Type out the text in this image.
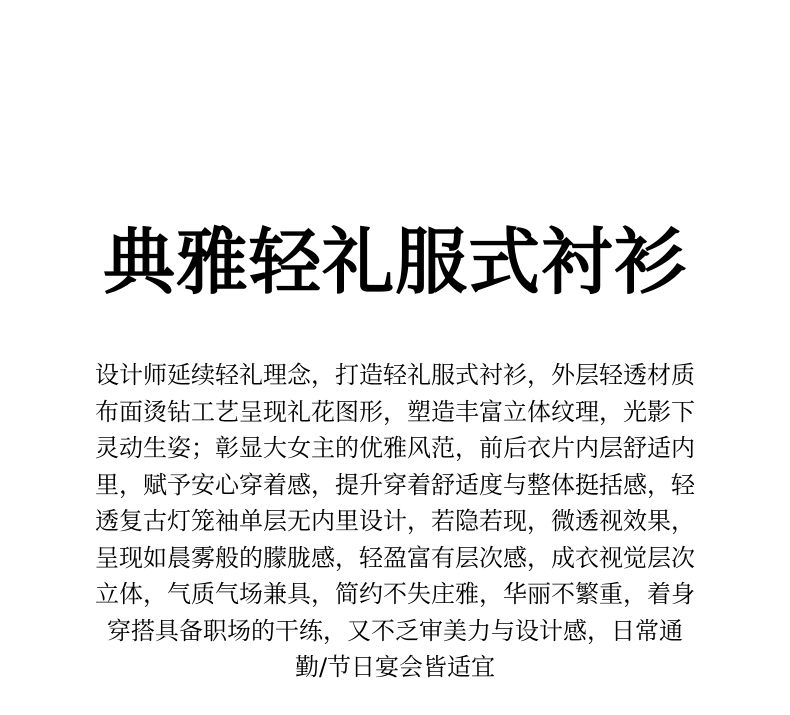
典雅轻礼服式衬衫
设计师延续轻礼理念，打造轻礼服式衬衫，外层轻透材质
布面烫钻工艺呈现礼花图形，塑造丰富立体纹理，光影下
灵动生姿；彰显大女主的优雅风范，前后衣片内层舒适内
里，赋予安心穿着感，提升穿着舒适度与整体挺括感，轻
透复古灯笼袖单层无内里设计，若隐若现，微透视效果，
呈现如晨雾般的朦胧感，轻盈富有层次感，成衣视觉层次
立体，气质气场兼具，简约不失庄雅，华丽不繁重，着身
穿搭具备职场的干练，又不乏审美力与设计感，日常通
勤/节日宴会皆适宜
